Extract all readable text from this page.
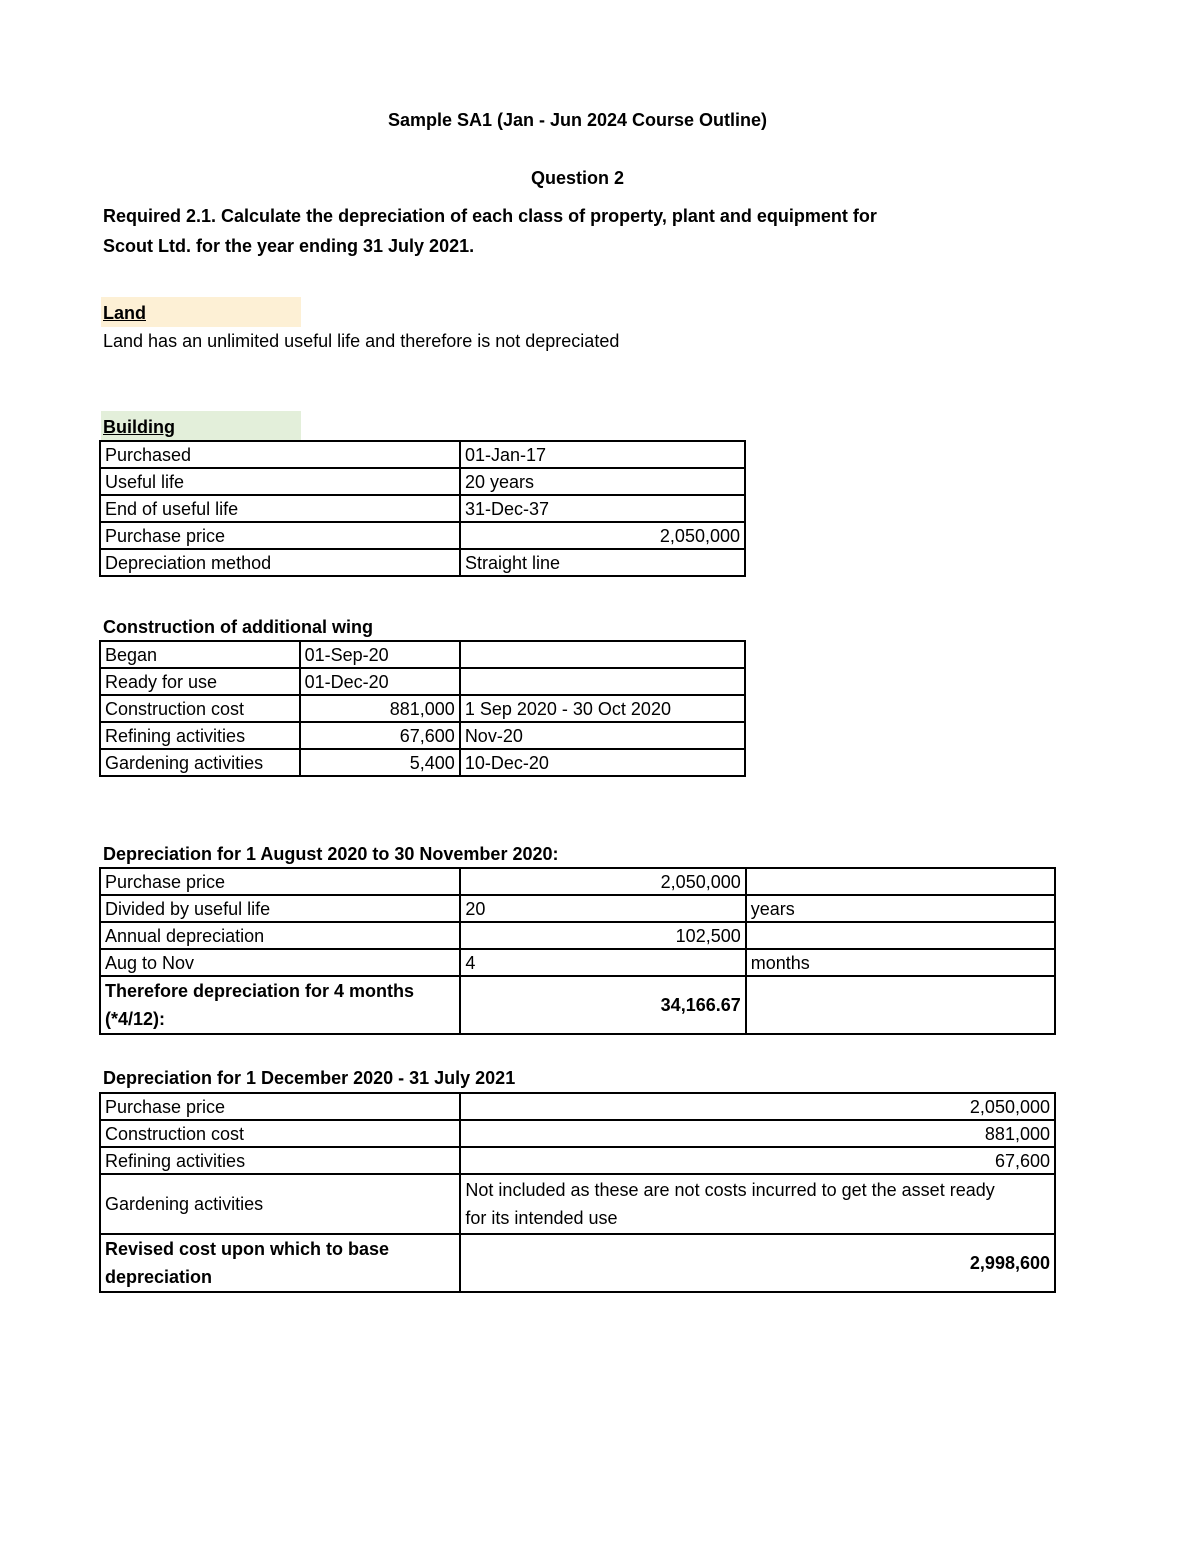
Sample SA1 (Jan - Jun 2024 Course Outline)
Question 2
Required 2.1. Calculate the depreciation of each class of property, plant and equipment for
Scout Ltd. for the year ending 31 July 2021.
Land
Land has an unlimited useful life and therefore is not depreciated
Building
Purchased	01-Jan-17
Useful life	20 years
End of useful life	31-Dec-37
Purchase price	2,050,000
Depreciation method	Straight line
Construction of additional wing
Began	01-Sep-20	
Ready for use	01-Dec-20	
Construction cost	881,000	1 Sep 2020 - 30 Oct 2020
Refining activities	67,600	Nov-20
Gardening activities	5,400	10-Dec-20
Depreciation for 1 August 2020 to 30 November 2020:
Purchase price	2,050,000	
Divided by useful life	20	years
Annual depreciation	102,500	
Aug to Nov	4	months
Therefore depreciation for 4 months (*4/12):	34,166.67	
Depreciation for 1 December 2020 - 31 July 2021
Purchase price	2,050,000
Construction cost	881,000
Refining activities	67,600
Gardening activities	Not included as these are not costs incurred to get the asset ready for its intended use
Revised cost upon which to base depreciation	2,998,600
